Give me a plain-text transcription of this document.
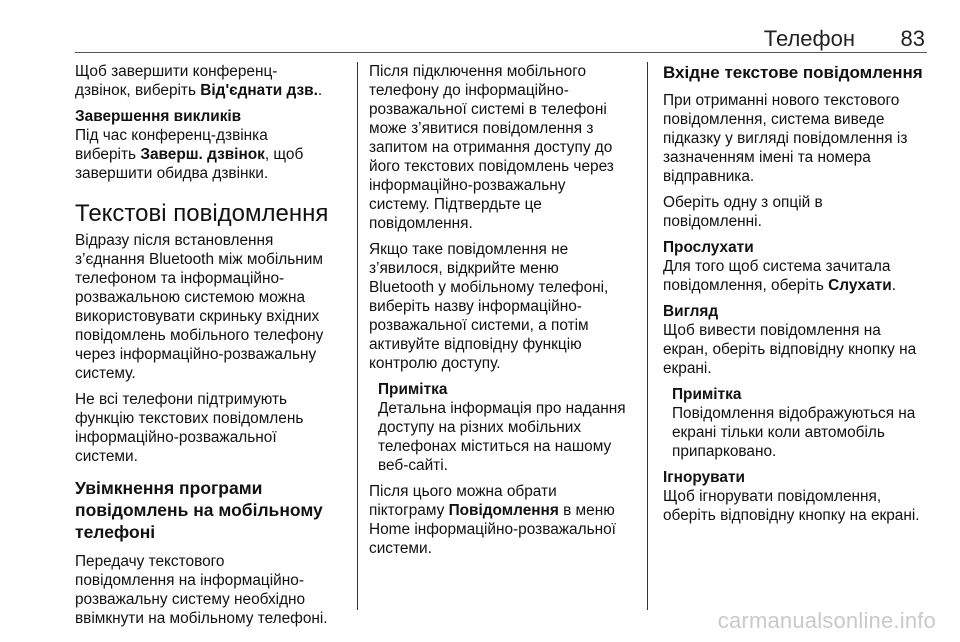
Телефон 83

Щоб завершити конференц-
дзвінок, виберіть Від'єднати дзв..

Завершення викликів

Під час конференц-дзвінка
виберіть Заверш. дзвінок, щоб
завершити обидва дзвінки.

Текстові повідомлення

Відразу після встановлення
з’єднання Bluetooth між мобільним
телефоном та інформаційно-
розважальною системою можна
використовувати скриньку вхідних
повідомлень мобільного телефону
через інформаційно-розважальну
систему.

Не всі телефони підтримують
функцію текстових повідомлень
інформаційно-розважальної
системи.

Увімкнення програми
повідомлень на мобільному
телефоні

Передачу текстового
повідомлення на інформаційно-
розважальну систему необхідно
ввімкнути на мобільному телефоні.

Після підключення мобільного
телефону до інформаційно-
розважальної системі в телефоні
може з’явитися повідомлення з
запитом на отримання доступу до
його текстових повідомлень через
інформаційно-розважальну
систему. Підтвердьте це
повідомлення.

Якщо таке повідомлення не
з’явилося, відкрийте меню
Bluetooth у мобільному телефоні,
виберіть назву інформаційно-
розважальної системи, а потім
активуйте відповідну функцію
контролю доступу.

Примітка
Детальна інформація про надання
доступу на різних мобільних
телефонах міститься на нашому
веб-сайті.

Після цього можна обрати
піктограму Повідомлення в меню
Home інформаційно-розважальної
системи.

Вхідне текстове повідомлення

При отриманні нового текстового
повідомлення, система виведе
підказку у вигляді повідомлення із
зазначенням імені та номера
відправника.

Оберіть одну з опцій в
повідомленні.

Прослухати

Для того щоб система зачитала
повідомлення, оберіть Слухати.

Вигляд

Щоб вивести повідомлення на
екран, оберіть відповідну кнопку на
екрані.

Примітка
Повідомлення відображуються на
екрані тільки коли автомобіль
припарковано.

Ігнорувати

Щоб ігнорувати повідомлення,
оберіть відповідну кнопку на екрані.

carmanualsonline.info
